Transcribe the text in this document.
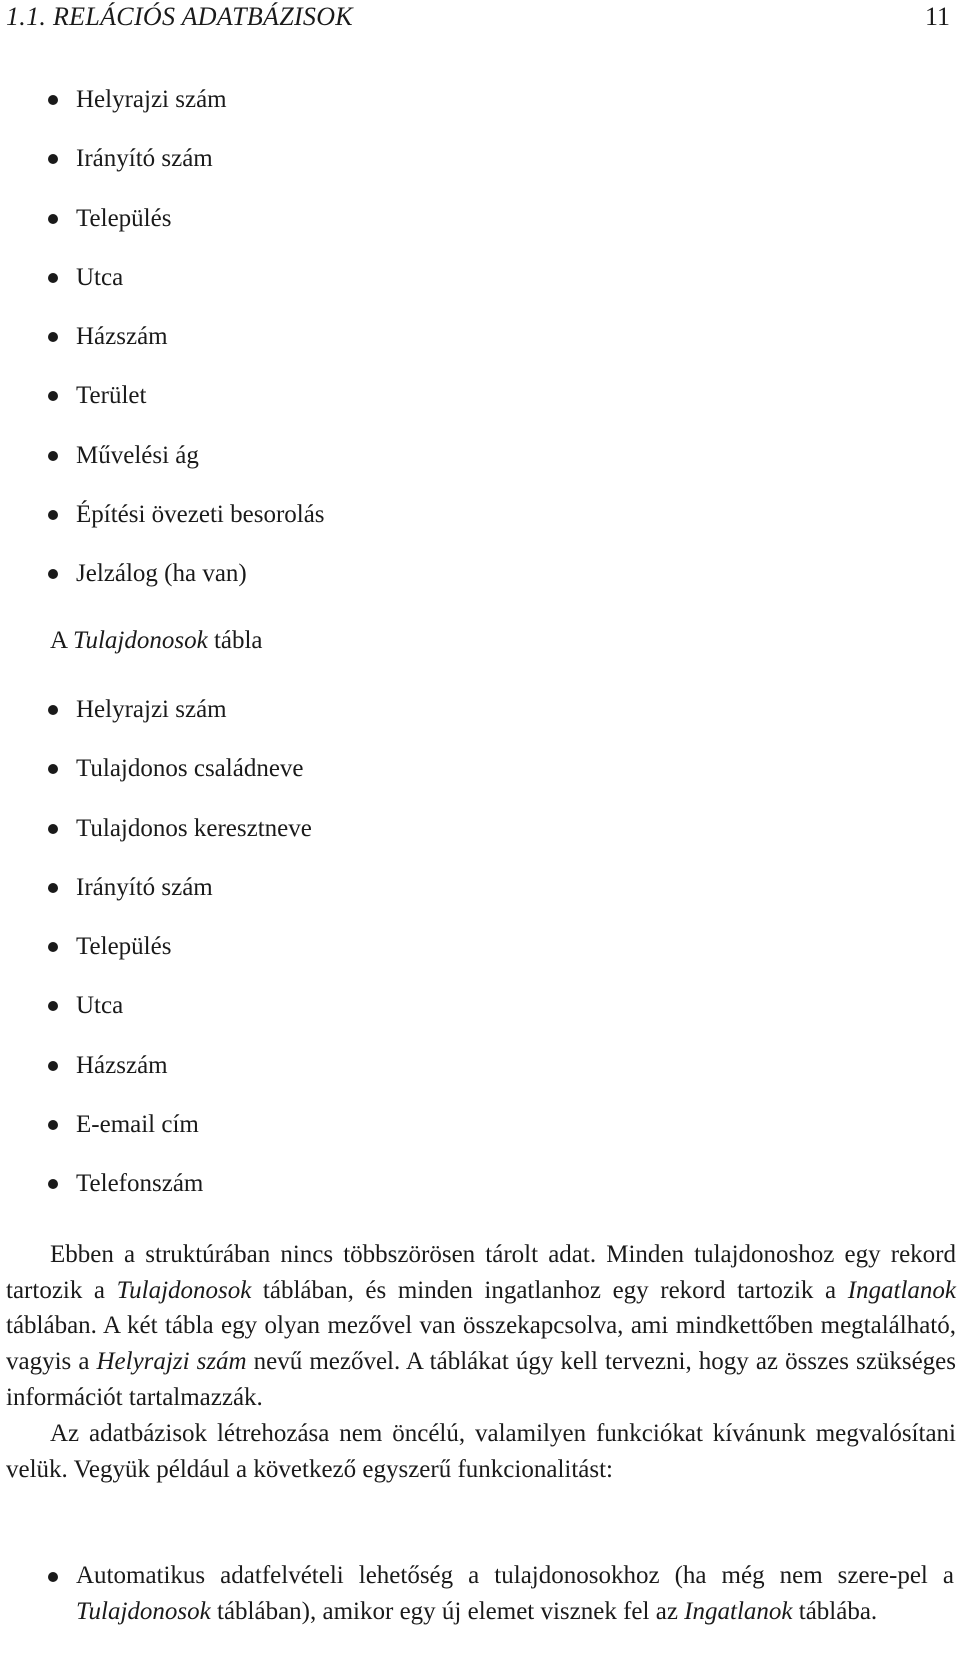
1.1. RELÁCIÓS ADATBÁZISOK	11
Helyrajzi szám
Irányító szám
Település
Utca
Házszám
Terület
Művelési ág
Építési övezeti besorolás
Jelzálog (ha van)
A Tulajdonosok tábla
Helyrajzi szám
Tulajdonos családneve
Tulajdonos keresztneve
Irányító szám
Település
Utca
Házszám
E-email cím
Telefonszám

Ebben a struktúrában nincs többszörösen tárolt adat. Minden tulajdonoshoz egy rekord tartozik a Tulajdonosok táblában, és minden ingatlanhoz egy rekord tartozik a Ingatlanok táblában. A két tábla egy olyan mezővel van összekapcsolva, ami mindkettőben megtalálható, vagyis a Helyrajzi szám nevű mezővel. A táblákat úgy kell tervezni, hogy az összes szükséges információt tartalmazzák.

Az adatbázisok létrehozása nem öncélú, valamilyen funkciókat kívánunk megvalósítani velük. Vegyük például a következő egyszerű funkcionalitást:

Automatikus adatfelvételi lehetőség a tulajdonosokhoz (ha még nem szere-pel a Tulajdonosok táblában), amikor egy új elemet visznek fel az Ingatlanok táblába.
